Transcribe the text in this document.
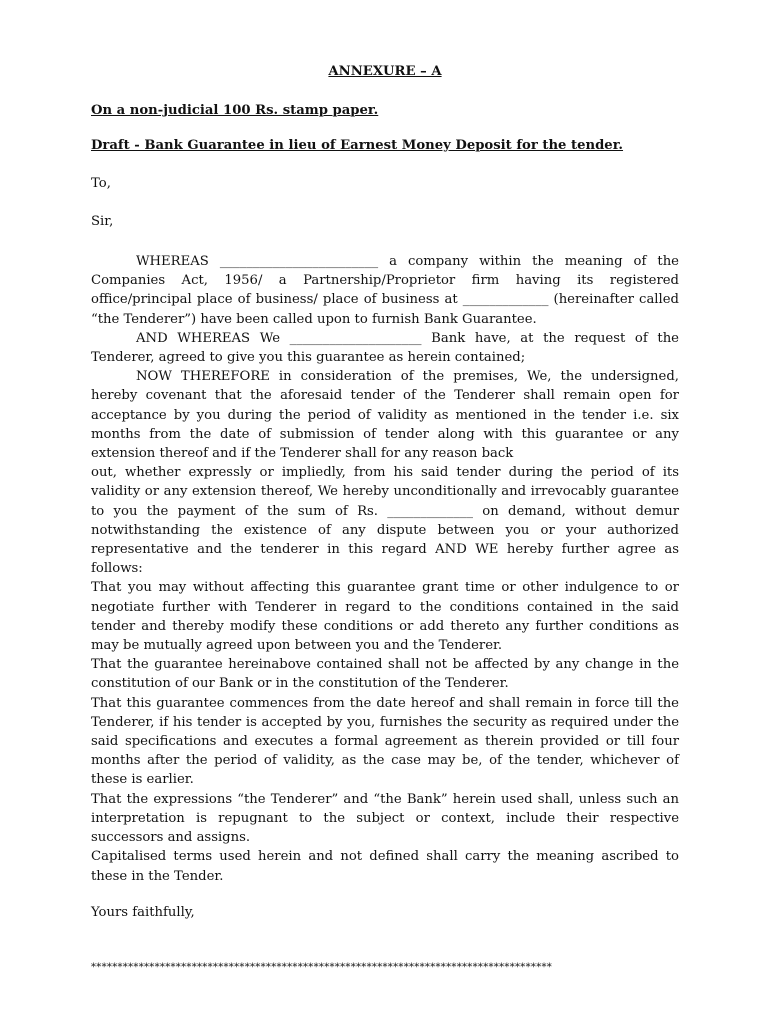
ANNEXURE – A

On a non-judicial 100 Rs. stamp paper.

Draft - Bank Guarantee in lieu of Earnest Money Deposit for the tender.

To,

Sir,

WHEREAS ________________________ a company within the meaning of the Companies Act, 1956/ a Partnership/Proprietor firm having its registered office/principal place of business/ place of business at _____________ (hereinafter called “the Tenderer”) have been called upon to furnish Bank Guarantee.

AND WHEREAS We ____________________ Bank have, at the request of the Tenderer, agreed to give you this guarantee as herein contained;

NOW THEREFORE in consideration of the premises, We, the undersigned, hereby covenant that the aforesaid tender of the Tenderer shall remain open for acceptance by you during the period of validity as mentioned in the tender i.e. six months from the date of submission of tender along with this guarantee or any extension thereof and if the Tenderer shall for any reason back

out, whether expressly or impliedly, from his said tender during the period of its validity or any extension thereof, We hereby unconditionally and irrevocably guarantee to you the payment of the sum of Rs. _____________ on demand, without demur notwithstanding the existence of any dispute between you or your authorized representative and the tenderer in this regard AND WE hereby further agree as follows:

That you may without affecting this guarantee grant time or other indulgence to or negotiate further with Tenderer in regard to the conditions contained in the said tender and thereby modify these conditions or add thereto any further conditions as may be mutually agreed upon between you and the Tenderer.

That the guarantee hereinabove contained shall not be affected by any change in the constitution of our Bank or in the constitution of the Tenderer.

That this guarantee commences from the date hereof and shall remain in force till the Tenderer, if his tender is accepted by you, furnishes the security as required under the said specifications and executes a formal agreement as therein provided or till four months after the period of validity, as the case may be, of the tender, whichever of these is earlier.

That the expressions “the Tenderer” and “the Bank” herein used shall, unless such an interpretation is repugnant to the subject or context, include their respective successors and assigns.

Capitalised terms used herein and not defined shall carry the meaning ascribed to these in the Tender.

Yours faithfully,

***************************************************************************************
